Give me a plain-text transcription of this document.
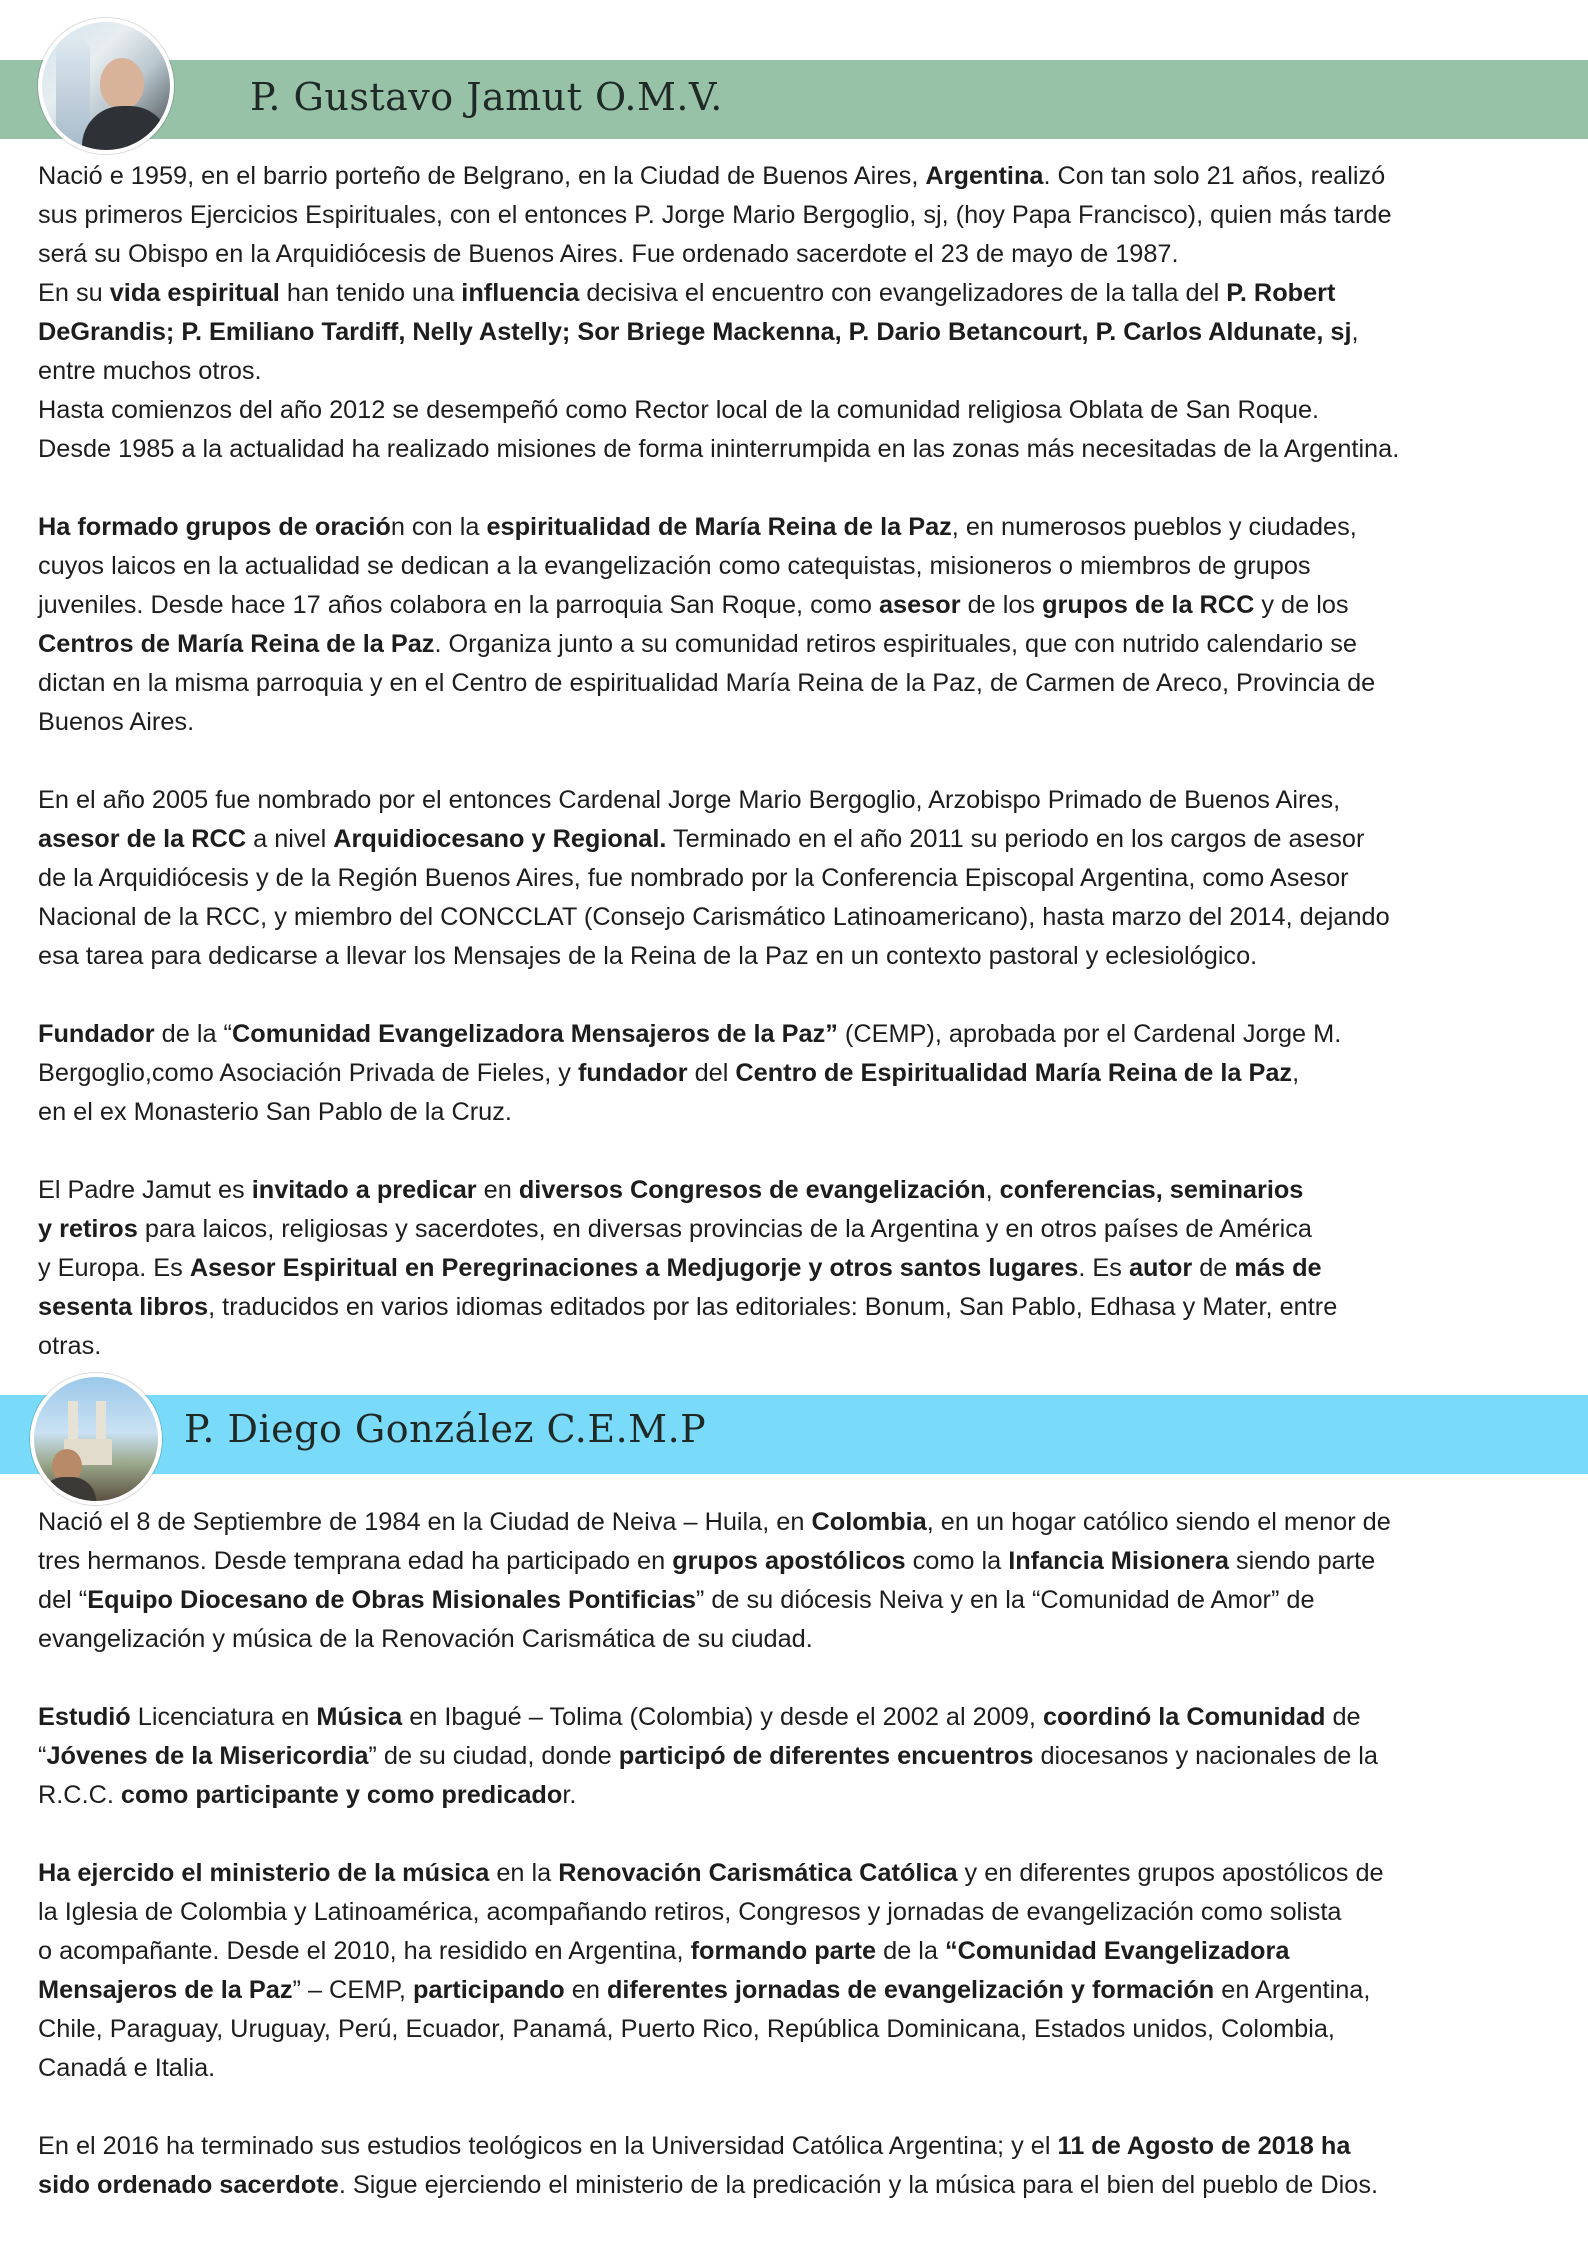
P. Gustavo Jamut O.M.V.

Nació e 1959, en el barrio porteño de Belgrano, en la Ciudad de Buenos Aires, Argentina. Con tan solo 21 años, realizó
sus primeros Ejercicios Espirituales, con el entonces P. Jorge Mario Bergoglio, sj, (hoy Papa Francisco), quien más tarde
será su Obispo en la Arquidiócesis de Buenos Aires. Fue ordenado sacerdote el 23 de mayo de 1987.
En su vida espiritual han tenido una influencia decisiva el encuentro con evangelizadores de la talla del P. Robert
DeGrandis; P. Emiliano Tardiff, Nelly Astelly; Sor Briege Mackenna, P. Dario Betancourt, P. Carlos Aldunate, sj,
entre muchos otros.
Hasta comienzos del año 2012 se desempeñó como Rector local de la comunidad religiosa Oblata de San Roque.
Desde 1985 a la actualidad ha realizado misiones de forma ininterrumpida en las zonas más necesitadas de la Argentina.

Ha formado grupos de oración con la espiritualidad de María Reina de la Paz, en numerosos pueblos y ciudades,
cuyos laicos en la actualidad se dedican a la evangelización como catequistas, misioneros o miembros de grupos
juveniles. Desde hace 17 años colabora en la parroquia San Roque, como asesor de los grupos de la RCC y de los
Centros de María Reina de la Paz. Organiza junto a su comunidad retiros espirituales, que con nutrido calendario se
dictan en la misma parroquia y en el Centro de espiritualidad María Reina de la Paz, de Carmen de Areco, Provincia de
Buenos Aires.

En el año 2005 fue nombrado por el entonces Cardenal Jorge Mario Bergoglio, Arzobispo Primado de Buenos Aires,
asesor de la RCC a nivel Arquidiocesano y Regional. Terminado en el año 2011 su periodo en los cargos de asesor
de la Arquidiócesis y de la Región Buenos Aires, fue nombrado por la Conferencia Episcopal Argentina, como Asesor
Nacional de la RCC, y miembro del CONCCLAT (Consejo Carismático Latinoamericano), hasta marzo del 2014, dejando
esa tarea para dedicarse a llevar los Mensajes de la Reina de la Paz en un contexto pastoral y eclesiológico.

Fundador de la “Comunidad Evangelizadora Mensajeros de la Paz” (CEMP), aprobada por el Cardenal Jorge M.
Bergoglio,como Asociación Privada de Fieles, y fundador del Centro de Espiritualidad María Reina de la Paz,
en el ex Monasterio San Pablo de la Cruz.

El Padre Jamut es invitado a predicar en diversos Congresos de evangelización, conferencias, seminarios
y retiros para laicos, religiosas y sacerdotes, en diversas provincias de la Argentina y en otros países de América
y Europa. Es Asesor Espiritual en Peregrinaciones a Medjugorje y otros santos lugares. Es autor de más de
sesenta libros, traducidos en varios idiomas editados por las editoriales: Bonum, San Pablo, Edhasa y Mater, entre
otras.

P. Diego González C.E.M.P

Nació el 8 de Septiembre de 1984 en la Ciudad de Neiva – Huila, en Colombia, en un hogar católico siendo el menor de
tres hermanos. Desde temprana edad ha participado en grupos apostólicos como la Infancia Misionera siendo parte
del “Equipo Diocesano de Obras Misionales Pontificias” de su diócesis Neiva y en la “Comunidad de Amor” de
evangelización y música de la Renovación Carismática de su ciudad.

Estudió Licenciatura en Música en Ibagué – Tolima (Colombia) y desde el 2002 al 2009, coordinó la Comunidad de
“Jóvenes de la Misericordia” de su ciudad, donde participó de diferentes encuentros diocesanos y nacionales de la
R.C.C. como participante y como predicador.

Ha ejercido el ministerio de la música en la Renovación Carismática Católica y en diferentes grupos apostólicos de
la Iglesia de Colombia y Latinoamérica, acompañando retiros, Congresos y jornadas de evangelización como solista
o acompañante. Desde el 2010, ha residido en Argentina, formando parte de la “Comunidad Evangelizadora
Mensajeros de la Paz” – CEMP, participando en diferentes jornadas de evangelización y formación en Argentina,
Chile, Paraguay, Uruguay, Perú, Ecuador, Panamá, Puerto Rico, República Dominicana, Estados unidos, Colombia,
Canadá e Italia.

En el 2016 ha terminado sus estudios teológicos en la Universidad Católica Argentina; y el 11 de Agosto de 2018 ha
sido ordenado sacerdote. Sigue ejerciendo el ministerio de la predicación y la música para el bien del pueblo de Dios.
